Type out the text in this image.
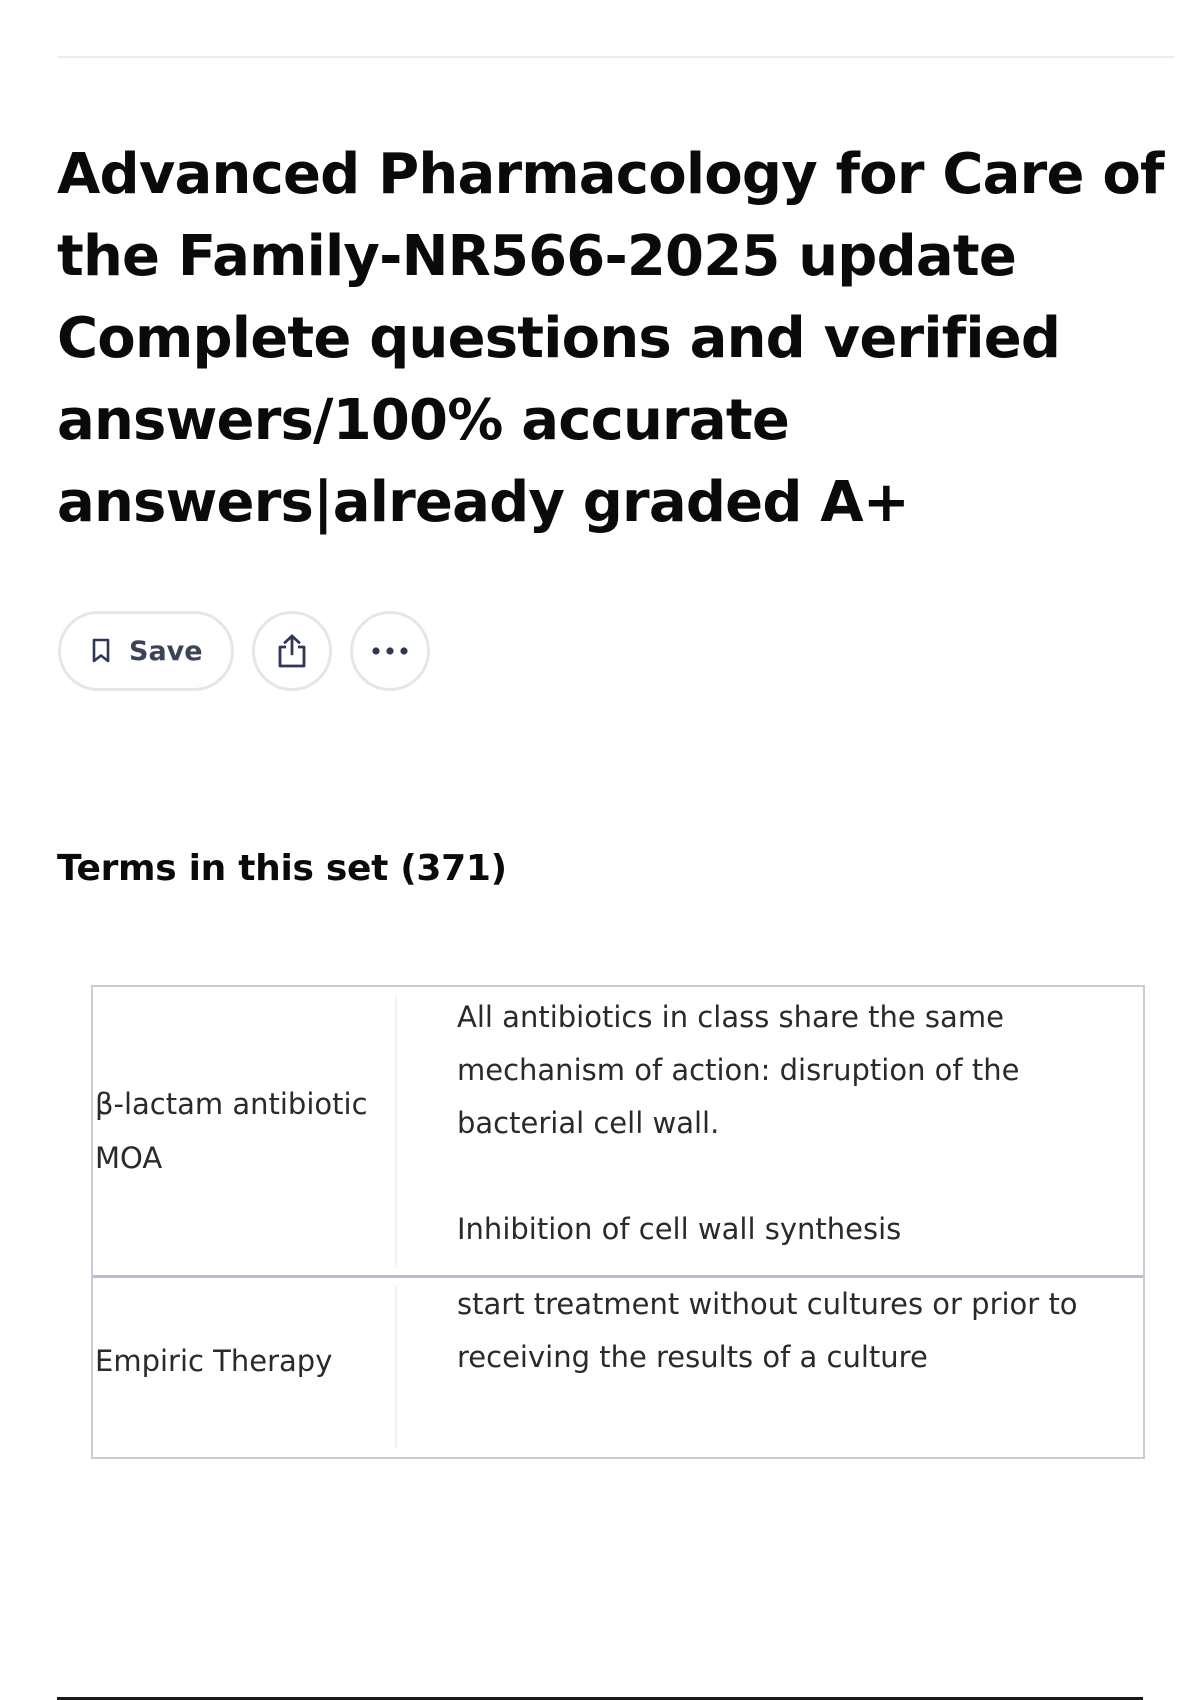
Advanced Pharmacology for Care of the Family-NR566-2025 update Complete questions and verified answers/100% accurate answers|already graded A+
Save
Terms in this set (371)
β-lactam antibiotic MOA
All antibiotics in class share the same mechanism of action: disruption of the bacterial cell wall.

Inhibition of cell wall synthesis
Empiric Therapy
start treatment without cultures or prior to receiving the results of a culture
